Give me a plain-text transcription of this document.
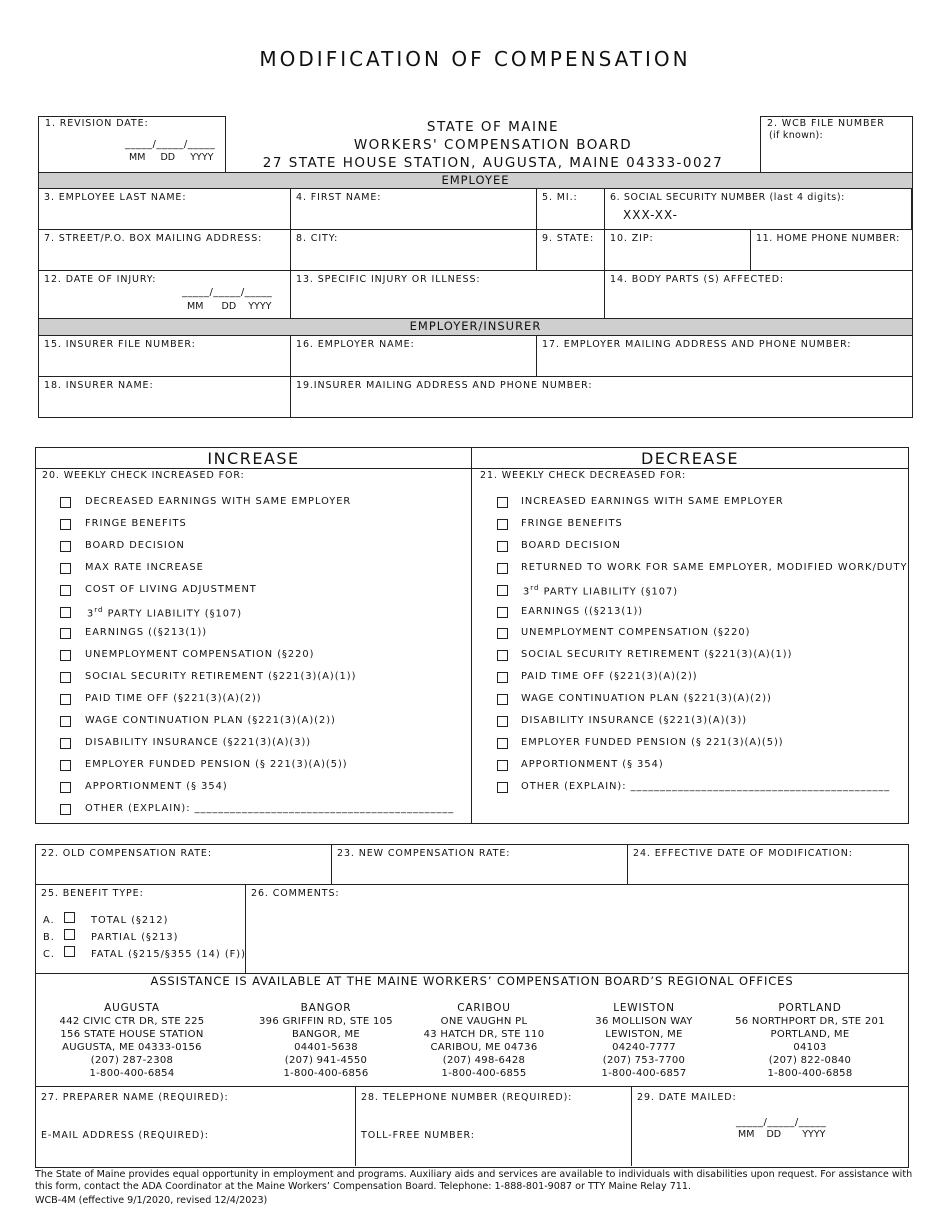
MODIFICATION OF COMPENSATION
1. REVISION DATE:
_____/_____/_____
MM     DD     YYYY
STATE OF MAINE
WORKERS' COMPENSATION BOARD
27 STATE HOUSE STATION, AUGUSTA, MAINE 04333-0027
2. WCB FILE NUMBER
(if known):
EMPLOYEE
3. EMPLOYEE LAST NAME:	4. FIRST NAME:	5. MI.:	6. SOCIAL SECURITY NUMBER (last 4 digits):
XXX-XX-
7. STREET/P.O. BOX MAILING ADDRESS:	8. CITY:	9. STATE: 10. ZIP:	11. HOME PHONE NUMBER:
12. DATE OF INJURY:
_____/_____/_____
MM      DD    YYYY
13. SPECIFIC INJURY OR ILLNESS:	14. BODY PARTS (S) AFFECTED:
EMPLOYER/INSURER
15. INSURER FILE NUMBER:	16. EMPLOYER NAME:	17. EMPLOYER MAILING ADDRESS AND PHONE NUMBER:
18. INSURER NAME:	19.INSURER MAILING ADDRESS AND PHONE NUMBER:
INCREASE	DECREASE
20. WEEKLY CHECK INCREASED FOR:	21. WEEKLY CHECK DECREASED FOR:
DECREASED EARNINGS WITH SAME EMPLOYER
FRINGE BENEFITS
BOARD DECISION
MAX RATE INCREASE
COST OF LIVING ADJUSTMENT
3rd PARTY LIABILITY (§107)
EARNINGS ((§213(1))
UNEMPLOYMENT COMPENSATION (§220)
SOCIAL SECURITY RETIREMENT (§221(3)(A)(1))
PAID TIME OFF (§221(3)(A)(2))
WAGE CONTINUATION PLAN (§221(3)(A)(2))
DISABILITY INSURANCE (§221(3)(A)(3))
EMPLOYER FUNDED PENSION (§ 221(3)(A)(5))
APPORTIONMENT (§ 354)
OTHER (EXPLAIN): ____________________________________________
INCREASED EARNINGS WITH SAME EMPLOYER
FRINGE BENEFITS
BOARD DECISION
RETURNED TO WORK FOR SAME EMPLOYER, MODIFIED WORK/DUTY
3rd PARTY LIABILITY (§107)
EARNINGS ((§213(1))
UNEMPLOYMENT COMPENSATION (§220)
SOCIAL SECURITY RETIREMENT (§221(3)(A)(1))
PAID TIME OFF (§221(3)(A)(2))
WAGE CONTINUATION PLAN (§221(3)(A)(2))
DISABILITY INSURANCE (§221(3)(A)(3))
EMPLOYER FUNDED PENSION (§ 221(3)(A)(5))
APPORTIONMENT (§ 354)
OTHER (EXPLAIN): ____________________________________________
22. OLD COMPENSATION RATE:	23. NEW COMPENSATION RATE:	24. EFFECTIVE DATE OF MODIFICATION:
25. BENEFIT TYPE:
A.	TOTAL (§212)
B.	PARTIAL (§213)
C.	FATAL (§215/§355 (14) (F))
26. COMMENTS:
ASSISTANCE IS AVAILABLE AT THE MAINE WORKERS’ COMPENSATION BOARD’S REGIONAL OFFICES
AUGUSTA
442 CIVIC CTR DR, STE 225
156 STATE HOUSE STATION
AUGUSTA, ME 04333-0156
(207) 287-2308
1-800-400-6854
BANGOR
396 GRIFFIN RD, STE 105
BANGOR, ME
04401-5638
(207) 941-4550
1-800-400-6856
CARIBOU
ONE VAUGHN PL
43 HATCH DR, STE 110
CARIBOU, ME 04736
(207) 498-6428
1-800-400-6855
LEWISTON
36 MOLLISON WAY
LEWISTON, ME
04240-7777
(207) 753-7700
1-800-400-6857
PORTLAND
56 NORTHPORT DR, STE 201
PORTLAND, ME
04103
(207) 822-0840
1-800-400-6858
27. PREPARER NAME (REQUIRED):
E-MAIL ADDRESS (REQUIRED):
28. TELEPHONE NUMBER (REQUIRED):
TOLL-FREE NUMBER:
29. DATE MAILED:
_____/_____/_____
MM    DD       YYYY
The State of Maine provides equal opportunity in employment and programs. Auxiliary aids and services are available to individuals with disabilities upon request. For assistance with this form, contact the ADA Coordinator at the Maine Workers’ Compensation Board. Telephone: 1-888-801-9087 or TTY Maine Relay 711.
WCB-4M (effective 9/1/2020, revised 12/4/2023)
